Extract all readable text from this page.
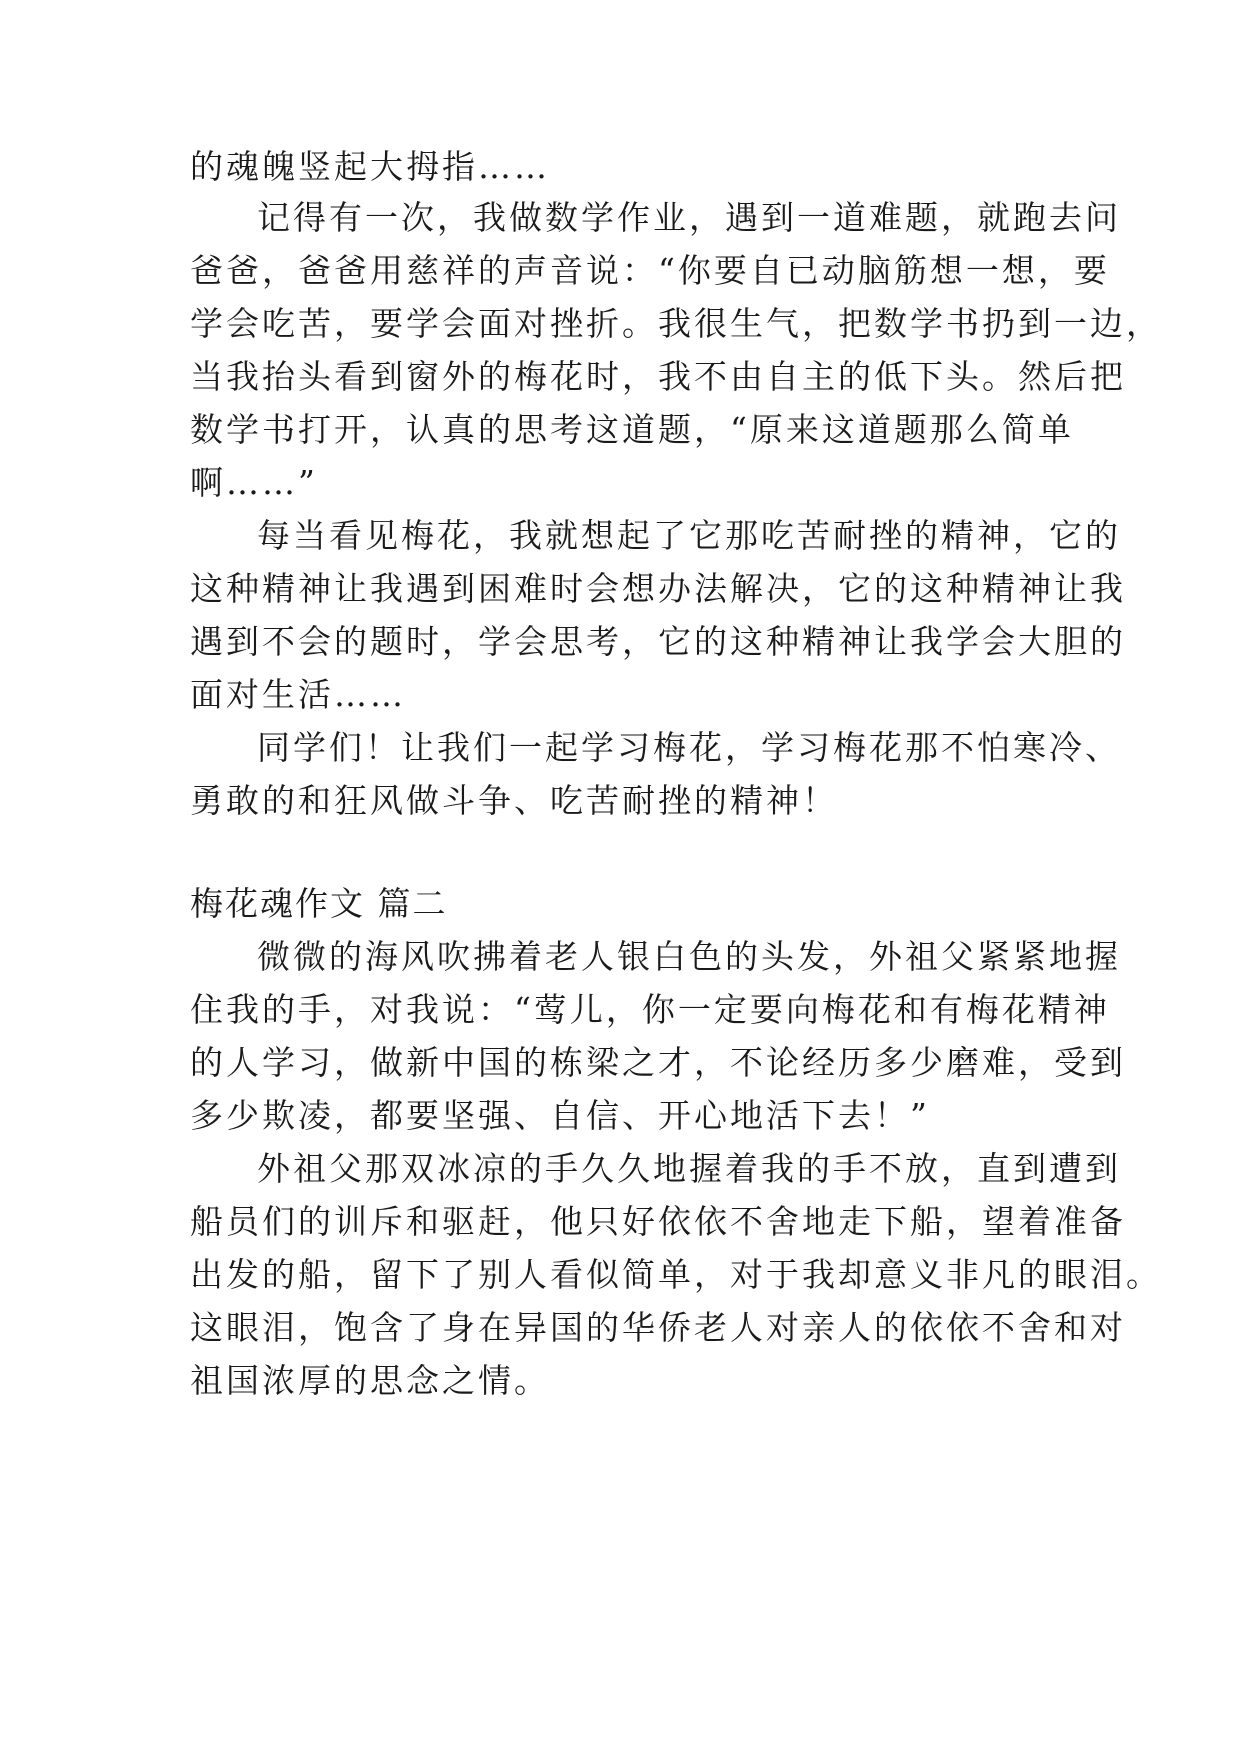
的魂魄竖起大拇指……
记得有一次，我做数学作业，遇到一道难题，就跑去问
爸爸，爸爸用慈祥的声音说：“你要自已动脑筋想一想，要
学会吃苦，要学会面对挫折。我很生气，把数学书扔到一边，
当我抬头看到窗外的梅花时，我不由自主的低下头。然后把
数学书打开，认真的思考这道题，“原来这道题那么简单
啊……”
每当看见梅花，我就想起了它那吃苦耐挫的精神，它的
这种精神让我遇到困难时会想办法解决，它的这种精神让我
遇到不会的题时，学会思考，它的这种精神让我学会大胆的
面对生活……
同学们！让我们一起学习梅花，学习梅花那不怕寒冷、
勇敢的和狂风做斗争、吃苦耐挫的精神！
梅花魂作文 篇二
微微的海风吹拂着老人银白色的头发，外祖父紧紧地握
住我的手，对我说：“莺儿，你一定要向梅花和有梅花精神
的人学习，做新中国的栋梁之才，不论经历多少磨难，受到
多少欺凌，都要坚强、自信、开心地活下去！”
外祖父那双冰凉的手久久地握着我的手不放，直到遭到
船员们的训斥和驱赶，他只好依依不舍地走下船，望着准备
出发的船，留下了别人看似简单，对于我却意义非凡的眼泪。
这眼泪，饱含了身在异国的华侨老人对亲人的依依不舍和对
祖国浓厚的思念之情。
